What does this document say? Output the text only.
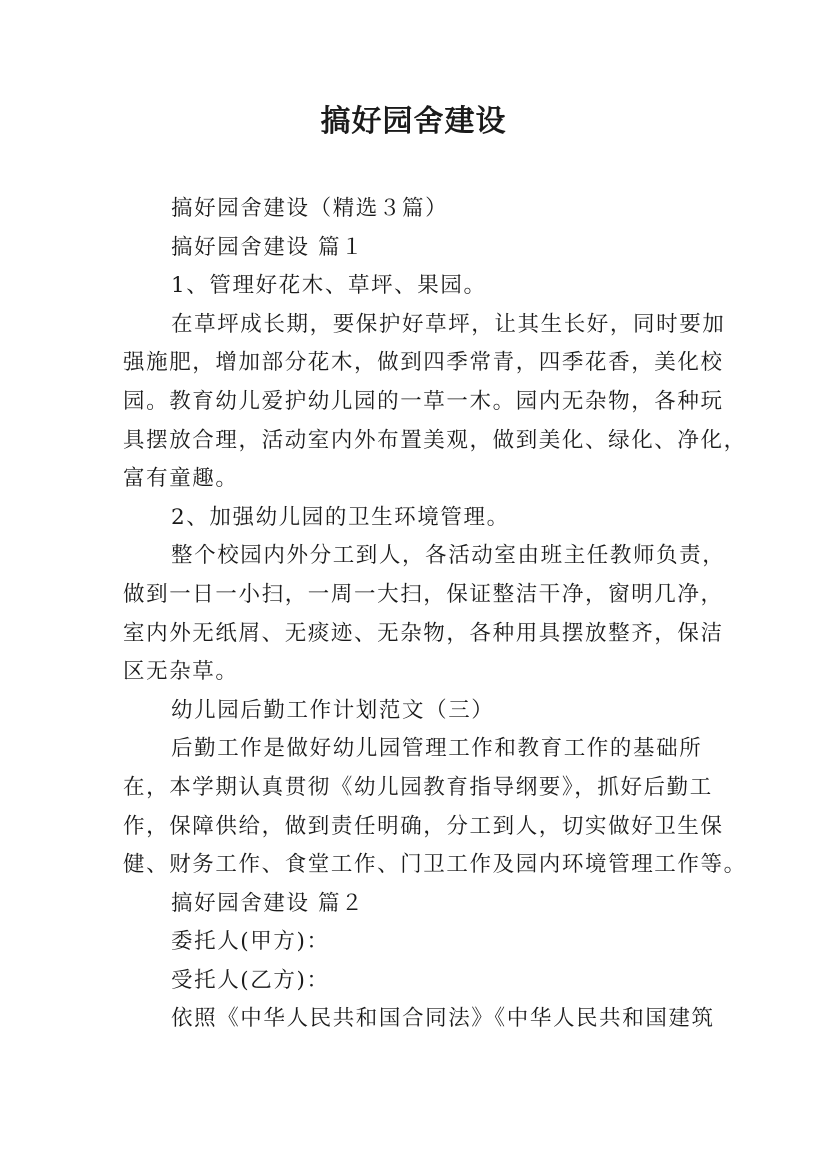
搞好园舍建设

搞好园舍建设（精选３篇）

搞好园舍建设 篇１

1、管理好花木、草坪、果园。

在草坪成长期，要保护好草坪，让其生长好，同时要加
强施肥，增加部分花木，做到四季常青，四季花香，美化校
园。教育幼儿爱护幼儿园的一草一木。园内无杂物，各种玩
具摆放合理，活动室内外布置美观，做到美化、绿化、净化，
富有童趣。

2、加强幼儿园的卫生环境管理。

整个校园内外分工到人，各活动室由班主任教师负责，
做到一日一小扫，一周一大扫，保证整洁干净，窗明几净，
室内外无纸屑、无痰迹、无杂物，各种用具摆放整齐，保洁
区无杂草。

幼儿园后勤工作计划范文（三）

后勤工作是做好幼儿园管理工作和教育工作的基础所
在，本学期认真贯彻《幼儿园教育指导纲要》，抓好后勤工
作，保障供给，做到责任明确，分工到人，切实做好卫生保
健、财务工作、食堂工作、门卫工作及园内环境管理工作等。

搞好园舍建设 篇２

委托人(甲方)：

受托人(乙方)：

依照《中华人民共和国合同法》《中华人民共和国建筑
